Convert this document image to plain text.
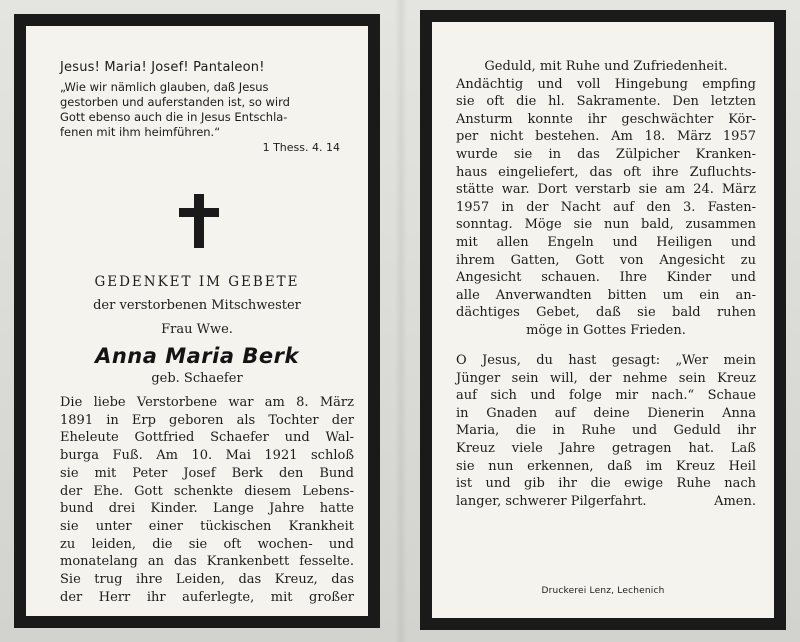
Jesus! Maria! Josef! Pantaleon!
„Wie wir nämlich glauben, daß Jesus
gestorben und auferstanden ist, so wird
Gott ebenso auch die in Jesus Entschla-
fenen mit ihm heimführen.“
1 Thess. 4. 14
GEDENKET IM GEBETE
der verstorbenen Mitschwester
Frau Wwe.
Anna Maria Berk
geb. Schaefer
Die liebe Verstorbene war am 8. März
1891 in Erp geboren als Tochter der
Eheleute Gottfried Schaefer und Wal-
burga Fuß. Am 10. Mai 1921 schloß
sie mit Peter Josef Berk den Bund
der Ehe. Gott schenkte diesem Lebens-
bund drei Kinder. Lange Jahre hatte
sie unter einer tückischen Krankheit
zu leiden, die sie oft wochen- und
monatelang an das Krankenbett fesselte.
Sie trug ihre Leiden, das Kreuz, das
der Herr ihr auferlegte, mit großer
Geduld, mit Ruhe und Zufriedenheit.
Andächtig und voll Hingebung empfing
sie oft die hl. Sakramente. Den letzten
Ansturm konnte ihr geschwächter Kör-
per nicht bestehen. Am 18. März 1957
wurde sie in das Zülpicher Kranken-
haus eingeliefert, das oft ihre Zufluchts-
stätte war. Dort verstarb sie am 24. März
1957 in der Nacht auf den 3. Fasten-
sonntag. Möge sie nun bald, zusammen
mit allen Engeln und Heiligen und
ihrem Gatten, Gott von Angesicht zu
Angesicht schauen. Ihre Kinder und
alle Anverwandten bitten um ein an-
dächtiges Gebet, daß sie bald ruhen
möge in Gottes Frieden.
O Jesus, du hast gesagt: „Wer mein
Jünger sein will, der nehme sein Kreuz
auf sich und folge mir nach.“ Schaue
in Gnaden auf deine Dienerin Anna
Maria, die in Ruhe und Geduld ihr
Kreuz viele Jahre getragen hat. Laß
sie nun erkennen, daß im Kreuz Heil
ist und gib ihr die ewige Ruhe nach
langer, schwerer Pilgerfahrt.	Amen.
Druckerei Lenz, Lechenich
